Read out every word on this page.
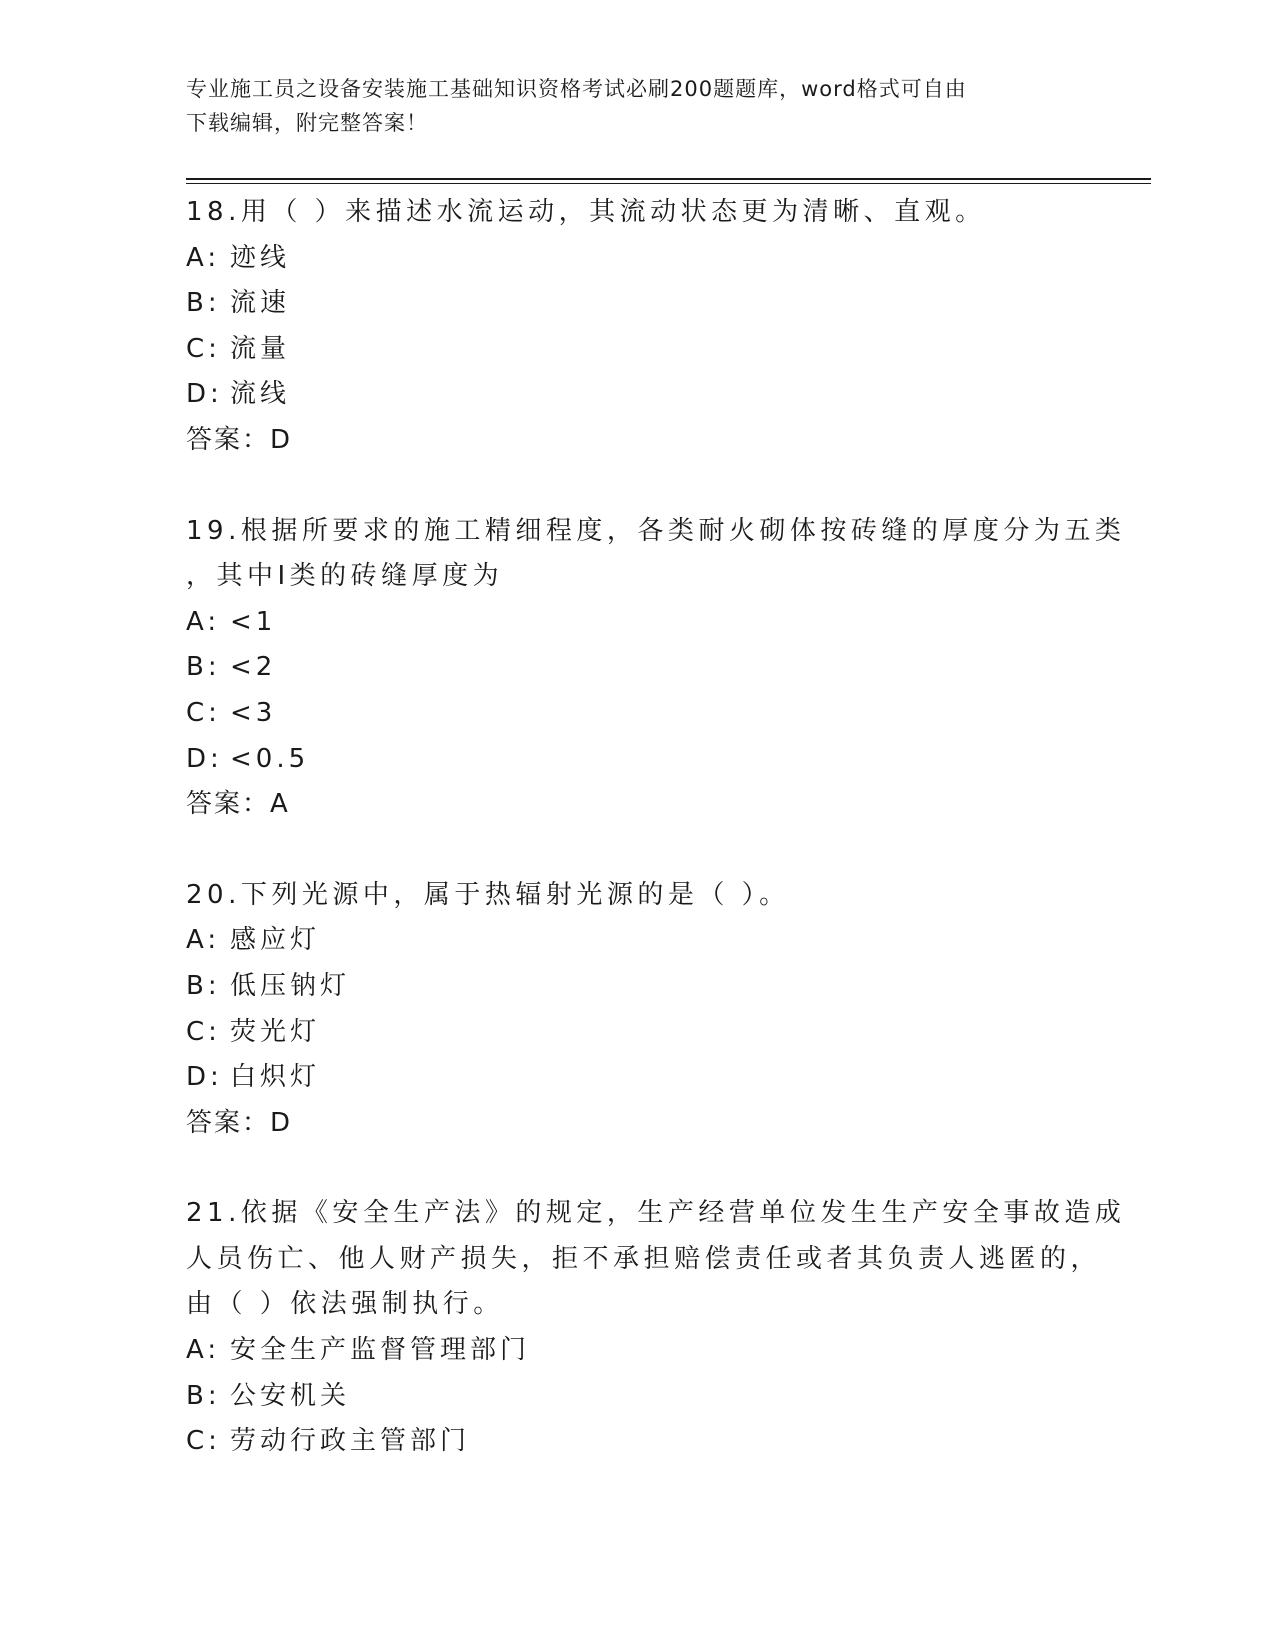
专业施工员之设备安装施工基础知识资格考试必刷200题题库，word格式可自由
下载编辑，附完整答案！
18.用（ ）来描述水流运动，其流动状态更为清晰、直观。
A: 迹线
B: 流速
C: 流量
D: 流线
答案：D
19.根据所要求的施工精细程度，各类耐火砌体按砖缝的厚度分为五类
，其中Ⅰ类的砖缝厚度为
A: <1
B: <2
C: <3
D: <0.5
答案：A
20.下列光源中，属于热辐射光源的是（ ）。
A: 感应灯
B: 低压钠灯
C: 荧光灯
D: 白炽灯
答案：D
21.依据《安全生产法》的规定，生产经营单位发生生产安全事故造成
人员伤亡、他人财产损失，拒不承担赔偿责任或者其负责人逃匿的，
由（ ）依法强制执行。
A: 安全生产监督管理部门
B: 公安机关
C: 劳动行政主管部门
